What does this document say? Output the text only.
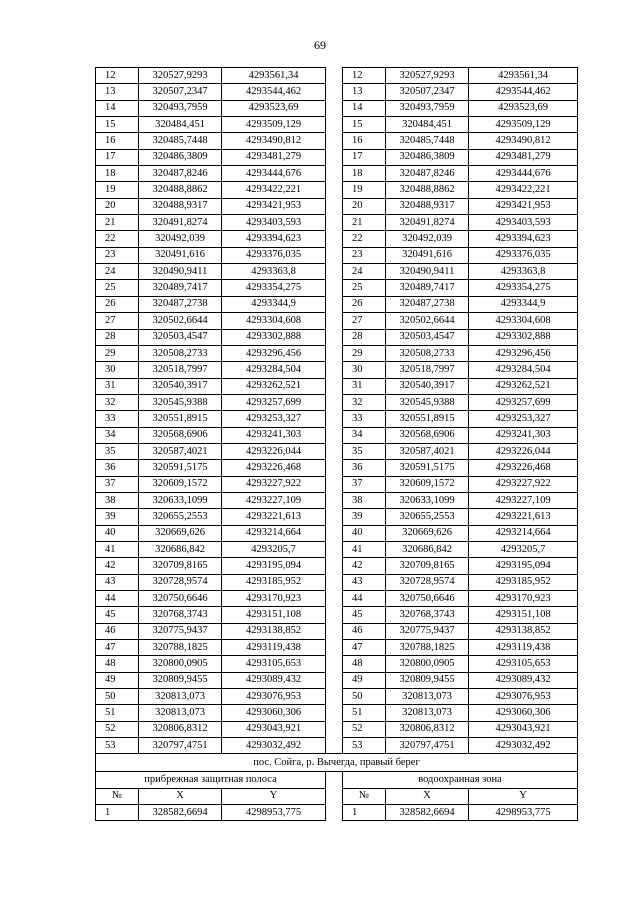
69
12	320527,9293	4293561,34		12	320527,9293	4293561,34
13	320507,2347	4293544,462		13	320507,2347	4293544,462
14	320493,7959	4293523,69		14	320493,7959	4293523,69
15	320484,451	4293509,129		15	320484,451	4293509,129
16	320485,7448	4293490,812		16	320485,7448	4293490,812
17	320486,3809	4293481,279		17	320486,3809	4293481,279
18	320487,8246	4293444,676		18	320487,8246	4293444,676
19	320488,8862	4293422,221		19	320488,8862	4293422,221
20	320488,9317	4293421,953		20	320488,9317	4293421,953
21	320491,8274	4293403,593		21	320491,8274	4293403,593
22	320492,039	4293394,623		22	320492,039	4293394,623
23	320491,616	4293376,035		23	320491,616	4293376,035
24	320490,9411	4293363,8		24	320490,9411	4293363,8
25	320489,7417	4293354,275		25	320489,7417	4293354,275
26	320487,2738	4293344,9		26	320487,2738	4293344,9
27	320502,6644	4293304,608		27	320502,6644	4293304,608
28	320503,4547	4293302,888		28	320503,4547	4293302,888
29	320508,2733	4293296,456		29	320508,2733	4293296,456
30	320518,7997	4293284,504		30	320518,7997	4293284,504
31	320540,3917	4293262,521		31	320540,3917	4293262,521
32	320545,9388	4293257,699		32	320545,9388	4293257,699
33	320551,8915	4293253,327		33	320551,8915	4293253,327
34	320568,6906	4293241,303		34	320568,6906	4293241,303
35	320587,4021	4293226,044		35	320587,4021	4293226,044
36	320591,5175	4293226,468		36	320591,5175	4293226,468
37	320609,1572	4293227,922		37	320609,1572	4293227,922
38	320633,1099	4293227,109		38	320633,1099	4293227,109
39	320655,2553	4293221,613		39	320655,2553	4293221,613
40	320669,626	4293214,664		40	320669,626	4293214,664
41	320686,842	4293205,7		41	320686,842	4293205,7
42	320709,8165	4293195,094		42	320709,8165	4293195,094
43	320728,9574	4293185,952		43	320728,9574	4293185,952
44	320750,6646	4293170,923		44	320750,6646	4293170,923
45	320768,3743	4293151,108		45	320768,3743	4293151,108
46	320775,9437	4293138,852		46	320775,9437	4293138,852
47	320788,1825	4293119,438		47	320788,1825	4293119,438
48	320800,0905	4293105,653		48	320800,0905	4293105,653
49	320809,9455	4293089,432		49	320809,9455	4293089,432
50	320813,073	4293076,953		50	320813,073	4293076,953
51	320813,073	4293060,306		51	320813,073	4293060,306
52	320806,8312	4293043,921		52	320806,8312	4293043,921
53	320797,4751	4293032,492		53	320797,4751	4293032,492
пос. Сойга, р. Вычегда, правый берег						
прибрежная защитная полоса				водоохранная зона		
№	X	Y		№	X	Y
1	328582,6694	4298953,775		1	328582,6694	4298953,775
